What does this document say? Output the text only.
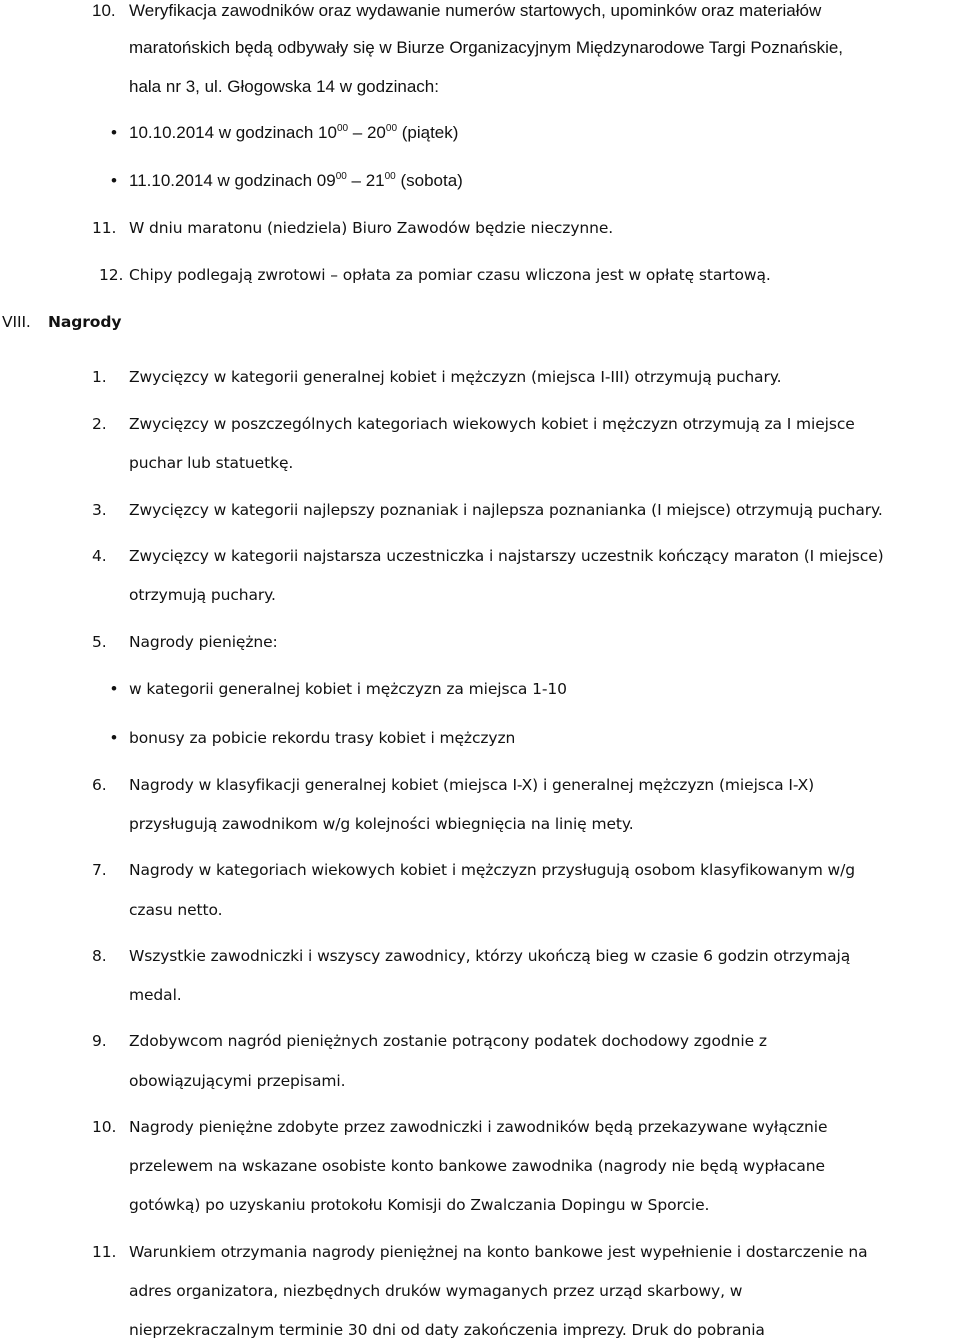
10. Weryfikacja zawodników oraz wydawanie numerów startowych, upominków oraz materiałów
maratońskich będą odbywały się w Biurze Organizacyjnym Międzynarodowe Targi Poznańskie,
hala nr 3, ul. Głogowska 14 w godzinach:
• 10.10.2014 w godzinach $10^{00} - 20^{00}$ (piątek)
• 11.10.2014 w godzinach $09^{00} - 21^{00}$ (sobota)
11. W dniu maratonu (niedziela) Biuro Zawodów będzie nieczynne.
12. Chipy podlegają zwrotowi – opłata za pomiar czasu wliczona jest w opłatę startową.
VIII. Nagrody
1. Zwycięzcy w kategorii generalnej kobiet i mężczyzn (miejsca I-III) otrzymują puchary.
2. Zwycięzcy w poszczególnych kategoriach wiekowych kobiet i mężczyzn otrzymują za I miejsce
puchar lub statuetkę.
3. Zwycięzcy w kategorii najlepszy poznaniak i najlepsza poznanianka (I miejsce) otrzymują puchary.
4. Zwycięzcy w kategorii najstarsza uczestniczka i najstarszy uczestnik kończący maraton (I miejsce)
otrzymują puchary.
5. Nagrody pieniężne:
• w kategorii generalnej kobiet i mężczyzn za miejsca 1-10
• bonusy za pobicie rekordu trasy kobiet i mężczyzn
6. Nagrody w klasyfikacji generalnej kobiet (miejsca I-X) i generalnej mężczyzn (miejsca I-X)
przysługują zawodnikom w/g kolejności wbiegnięcia na linię mety.
7. Nagrody w kategoriach wiekowych kobiet i mężczyzn przysługują osobom klasyfikowanym w/g
czasu netto.
8. Wszystkie zawodniczki i wszyscy zawodnicy, którzy ukończą bieg w czasie 6 godzin otrzymają
medal.
9. Zdobywcom nagród pieniężnych zostanie potrącony podatek dochodowy zgodnie z
obowiązującymi przepisami.
10. Nagrody pieniężne zdobyte przez zawodniczki i zawodników będą przekazywane wyłącznie
przelewem na wskazane osobiste konto bankowe zawodnika (nagrody nie będą wypłacane
gotówką) po uzyskaniu protokołu Komisji do Zwalczania Dopingu w Sporcie.
11. Warunkiem otrzymania nagrody pieniężnej na konto bankowe jest wypełnienie i dostarczenie na
adres organizatora, niezbędnych druków wymaganych przez urząd skarbowy, w
nieprzekraczalnym terminie 30 dni od daty zakończenia imprezy. Druk do pobrania
